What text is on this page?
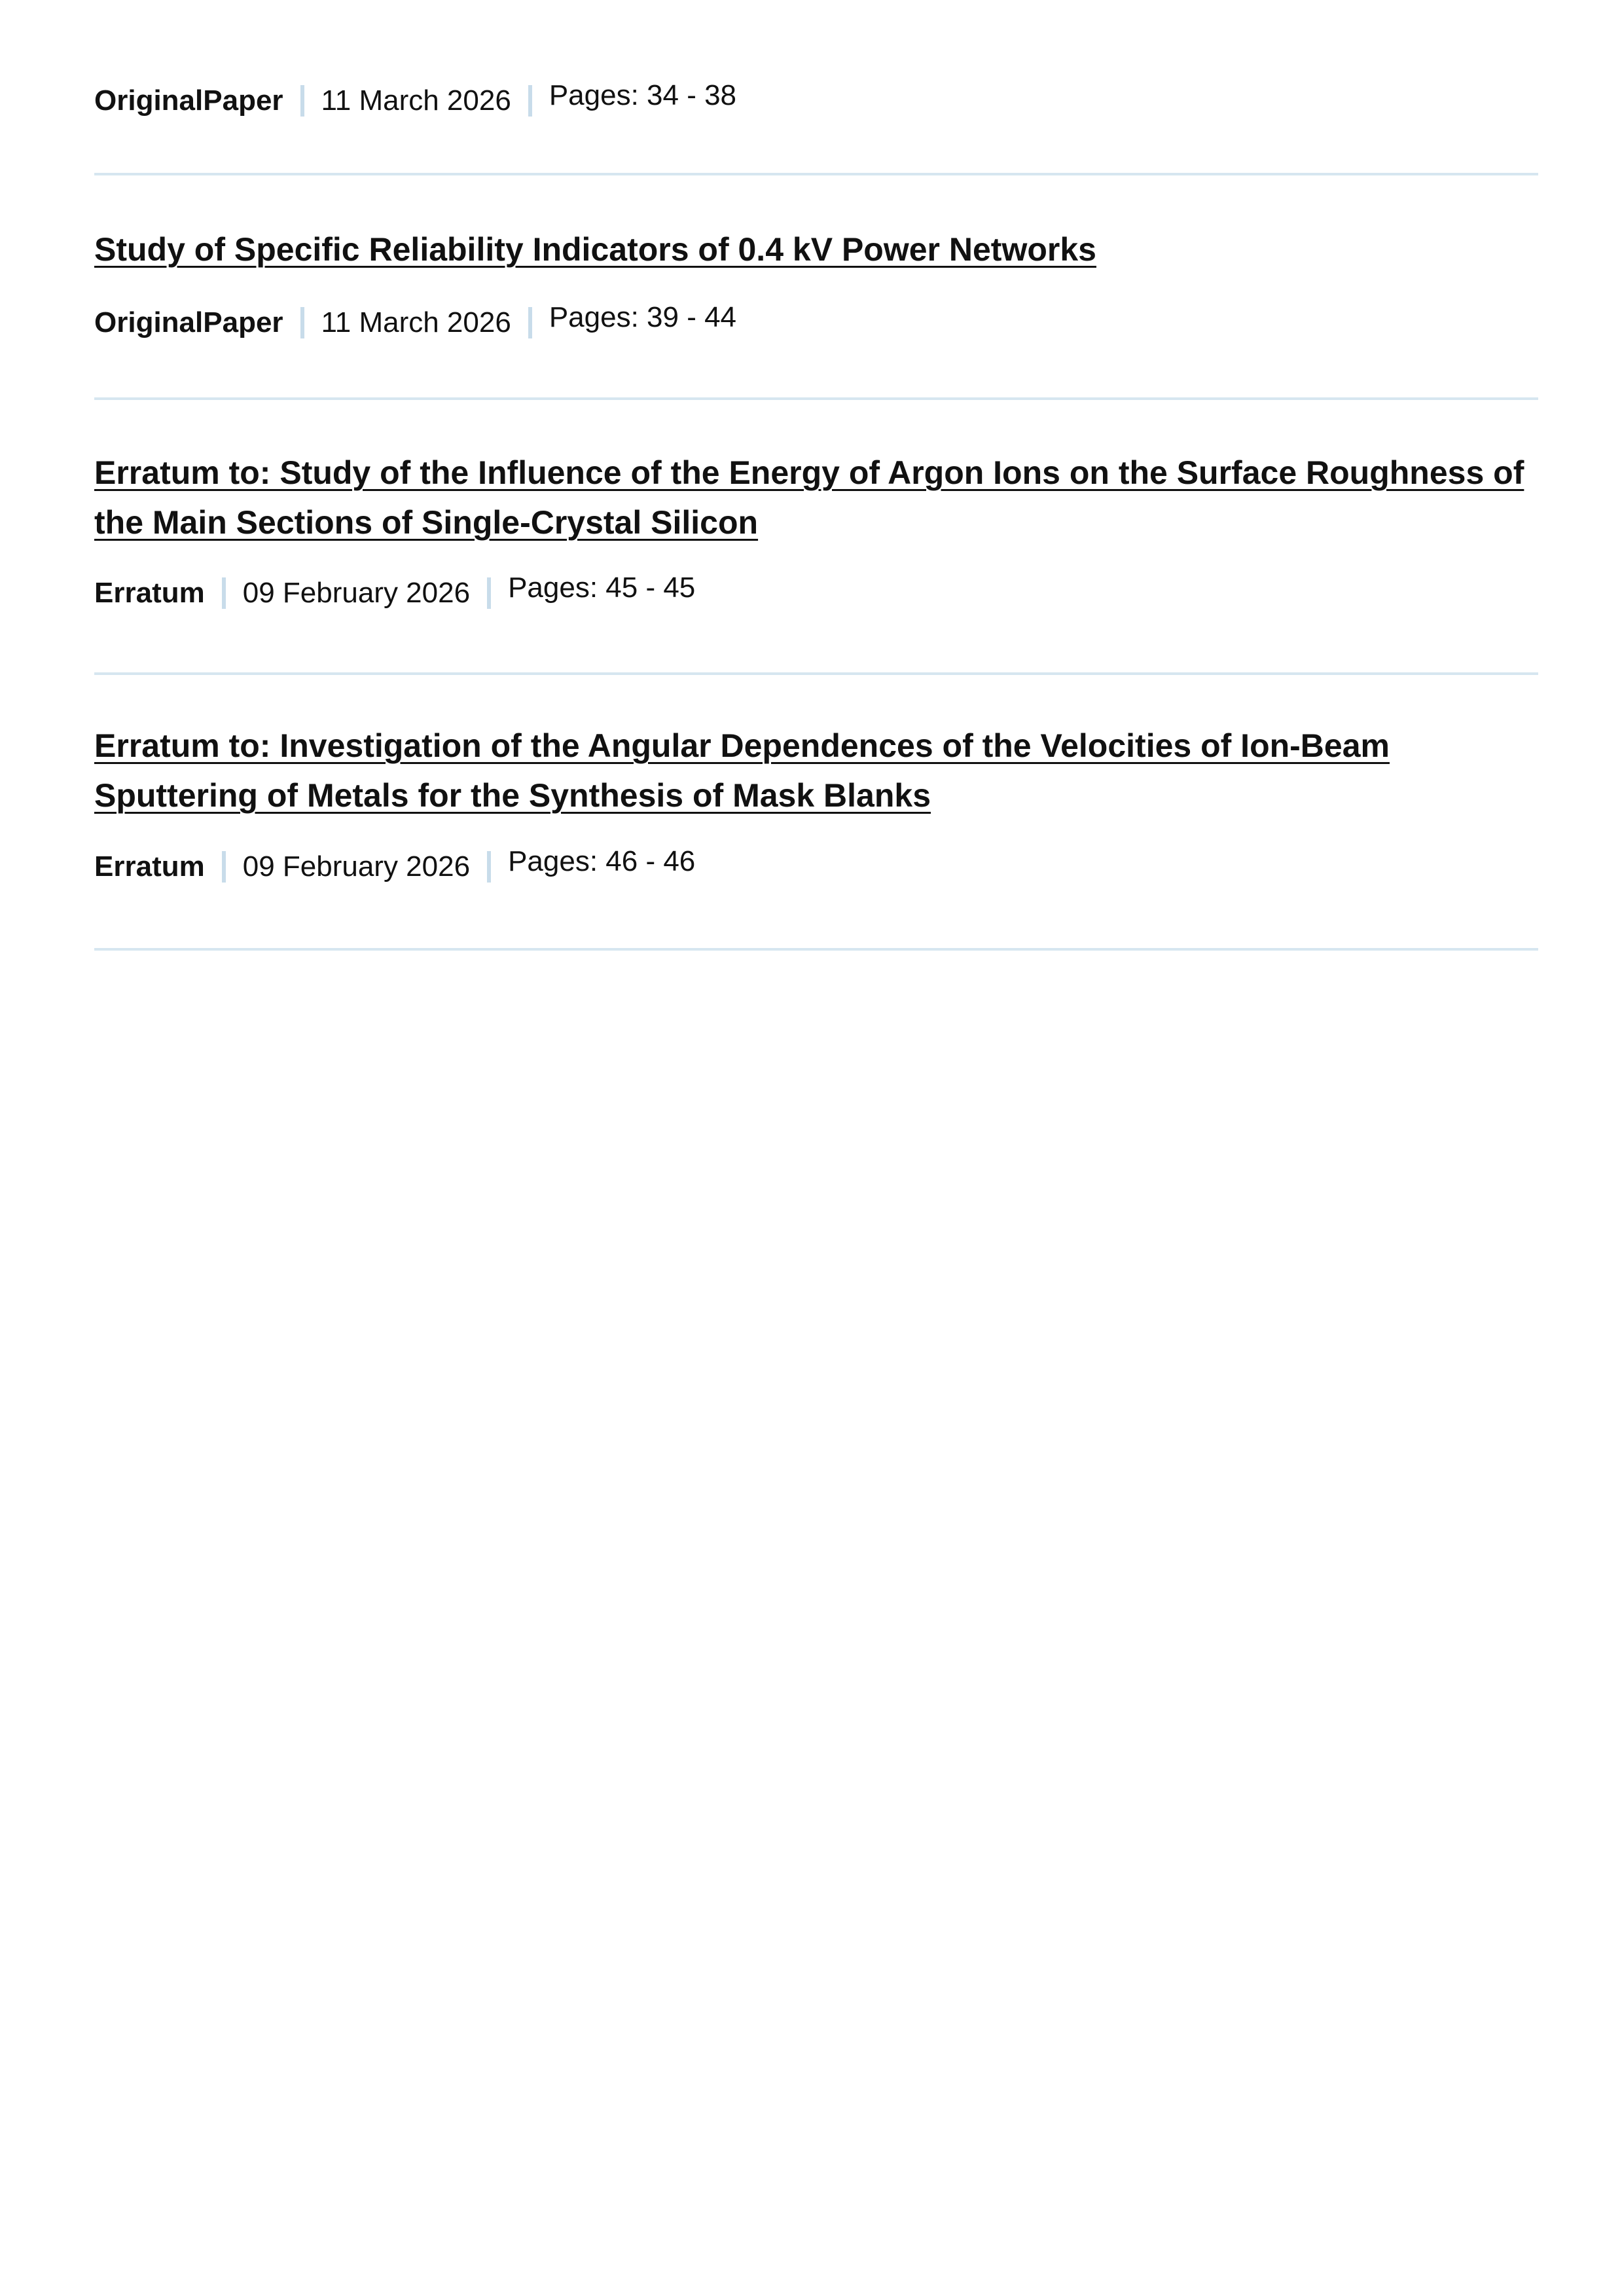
OriginalPaper 11 March 2026 Pages: 34 - 38
Study of Specific Reliability Indicators of 0.4 kV Power Networks
OriginalPaper 11 March 2026 Pages: 39 - 44
Erratum to: Study of the Influence of the Energy of Argon Ions on the Surface Roughness of the Main Sections of Single-Crystal Silicon
Erratum 09 February 2026 Pages: 45 - 45
Erratum to: Investigation of the Angular Dependences of the Velocities of Ion-Beam Sputtering of Metals for the Synthesis of Mask Blanks
Erratum 09 February 2026 Pages: 46 - 46
